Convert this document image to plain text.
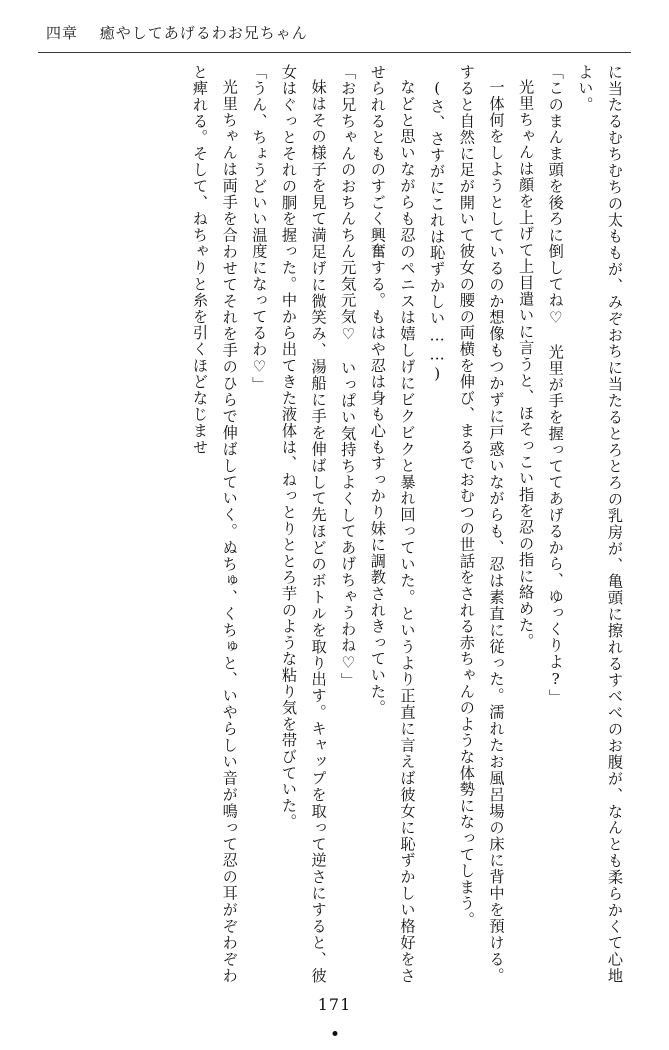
四章 癒やしてあげるわお兄ちゃん

に当たるむちむちの太ももが、みぞおちに当たるとろとろの乳房が、亀頭に擦れるすべべのお腹が、なんとも柔らかくて心地よい。

「このまんま頭を後ろに倒してね♡　光里が手を握っててあげるから、ゆっくりよ?」

光里ちゃんは顔を上げて上目遣いに言うと、ほそっこい指を忍の指に絡めた。

一体何をしようとしているのか想像もつかずに戸惑いながらも、忍は素直に従った。濡れたお風呂場の床に背中を預ける。すると自然に足が開いて彼女の腰の両横を伸び、まるでおむつの世話をされる赤ちゃんのような体勢になってしまう。

(さ、さすがにこれは恥ずかしい……)

などと思いながらも忍のペニスは嬉しげにビクビクと暴れ回っていた。というより正直に言えば彼女に恥ずかしい格好をさせられるとものすごく興奮する。もはや忍は身も心もすっかり妹に調教されきっていた。

「お兄ちゃんのおちんちん元気元気♡　いっぱい気持ちよくしてあげちゃうわね♡」

妹はその様子を見て満足げに微笑み、湯船に手を伸ばして先ほどのボトルを取り出す。キャップを取って逆さにすると、彼女はぐっとそれの胴を握った。中から出てきた液体は、ねっとりととろ芋のような粘り気を帯びていた。

「うん、ちょうどいい温度になってるわ♡」

光里ちゃんは両手を合わせてそれを手のひらで伸ばしていく。ぬちゅ、くちゅと、いやらしい音が鳴って忍の耳がぞわぞわと痺れる。そして、ねちゃりと糸を引くほどなじませ

171
